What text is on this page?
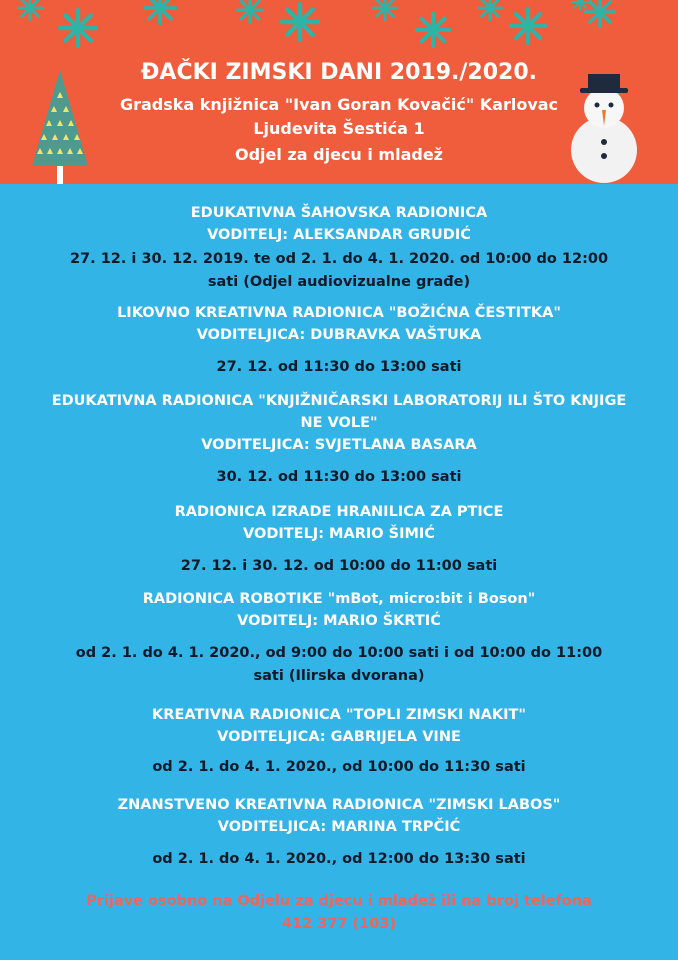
ĐAČKI ZIMSKI DANI 2019./2020.
Gradska knjižnica "Ivan Goran Kovačić" Karlovac
Ljudevita Šestića 1
Odjel za djecu i mladež
EDUKATIVNA ŠAHOVSKA RADIONICA
VODITELJ: ALEKSANDAR GRUDIĆ
27. 12. i 30. 12. 2019. te od 2. 1. do 4. 1. 2020. od 10:00 do 12:00
sati (Odjel audiovizualne građe)
LIKOVNO KREATIVNA RADIONICA "BOŽIĆNA ČESTITKA"
VODITELJICA: DUBRAVKA VAŠTUKA
27. 12. od 11:30 do 13:00 sati
EDUKATIVNA RADIONICA "KNJIŽNIČARSKI LABORATORIJ ILI ŠTO KNJIGE
NE VOLE"
VODITELJICA: SVJETLANA BASARA
30. 12. od 11:30 do 13:00 sati
RADIONICA IZRADE HRANILICA ZA PTICE
VODITELJ: MARIO ŠIMIĆ
27. 12. i 30. 12. od 10:00 do 11:00 sati
RADIONICA ROBOTIKE "mBot, micro:bit i Boson"
VODITELJ: MARIO ŠKRTIĆ
od 2. 1. do 4. 1. 2020., od 9:00 do 10:00 sati i od 10:00 do 11:00
sati (Ilirska dvorana)
KREATIVNA RADIONICA "TOPLI ZIMSKI NAKIT"
VODITELJICA: GABRIJELA VINE
od 2. 1. do 4. 1. 2020., od 10:00 do 11:30 sati
ZNANSTVENO KREATIVNA RADIONICA "ZIMSKI LABOS"
VODITELJICA: MARINA TRPČIĆ
od 2. 1. do 4. 1. 2020., od 12:00 do 13:30 sati
Prijave osobno na Odjelu za djecu i mladež ili na broj telefona
412 377 (103)
